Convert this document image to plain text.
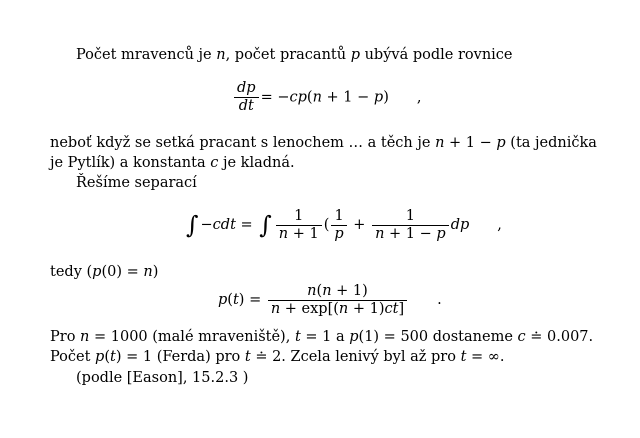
Počet mravenců je n, počet pracantů p ubývá podle rovnice
$\frac{dp}{dt} = -cp(n + 1 - p)$ ,
neboť když se setká pracant s lenochem … a těch je n + 1 − p (ta jednička
je Pytlík) a konstanta c je kladná.
Řešíme separací
∫ −cdt = ∫ $\frac{1}{n + 1}$ ( $\frac{1}{p} + \frac{1}{n + 1 - p}$ dp ,
tedy (p(0) = n)
$p(t) = \frac{n(n + 1)}{n + \exp[(n + 1)ct]}$ .
Pro n = 1000 (malé mraveniště), t = 1 a p(1) = 500 dostaneme c ≐ 0.007.
Počet p(t) = 1 (Ferda) pro t ≐ 2. Zcela lenivý byl až pro t = ∞.
(podle [Eason], 15.2.3 )
